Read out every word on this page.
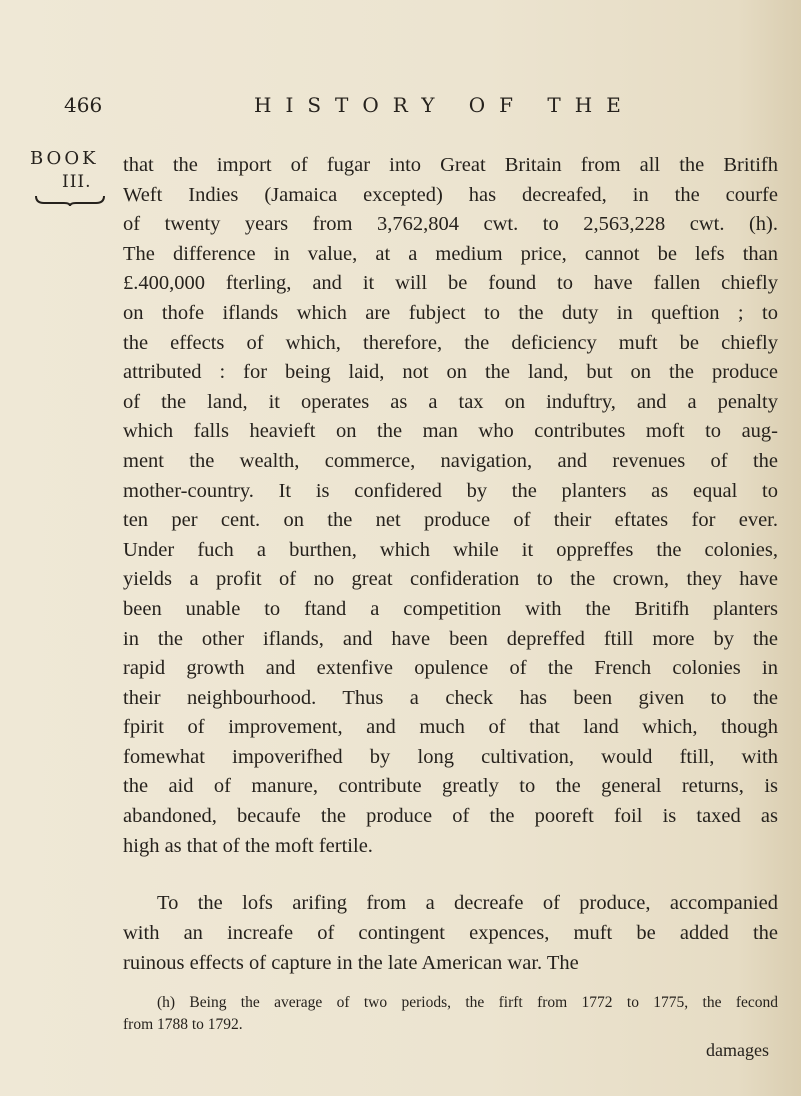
466	HISTORY OF THE
BOOK
III.
that the import of fugar into Great Britain from all the Britifh
Weft Indies (Jamaica excepted) has decreafed, in the courfe
of twenty years from 3,762,804 cwt. to 2,563,228 cwt. (h).
The difference in value, at a medium price, cannot be lefs than
£.400,000 fterling, and it will be found to have fallen chiefly
on thofe iflands which are fubject to the duty in queftion ; to
the effects of which, therefore, the deficiency muft be chiefly
attributed : for being laid, not on the land, but on the produce
of the land, it operates as a tax on induftry, and a penalty
which falls heavieft on the man who contributes moft to aug-
ment the wealth, commerce, navigation, and revenues of the
mother-country. It is confidered by the planters as equal to
ten per cent. on the net produce of their eftates for ever.
Under fuch a burthen, which while it oppreffes the colonies,
yields a profit of no great confideration to the crown, they have
been unable to ftand a competition with the Britifh planters
in the other iflands, and have been depreffed ftill more by the
rapid growth and extenfive opulence of the French colonies in
their neighbourhood. Thus a check has been given to the
fpirit of improvement, and much of that land which, though
fomewhat impoverifhed by long cultivation, would ftill, with
the aid of manure, contribute greatly to the general returns, is
abandoned, becaufe the produce of the pooreft foil is taxed as
high as that of the moft fertile.
To the lofs arifing from a decreafe of produce, accompanied
with an increafe of contingent expences, muft be added the
ruinous effects of capture in the late American war. The
(h) Being the average of two periods, the firft from 1772 to 1775, the fecond
from 1788 to 1792.
damages
